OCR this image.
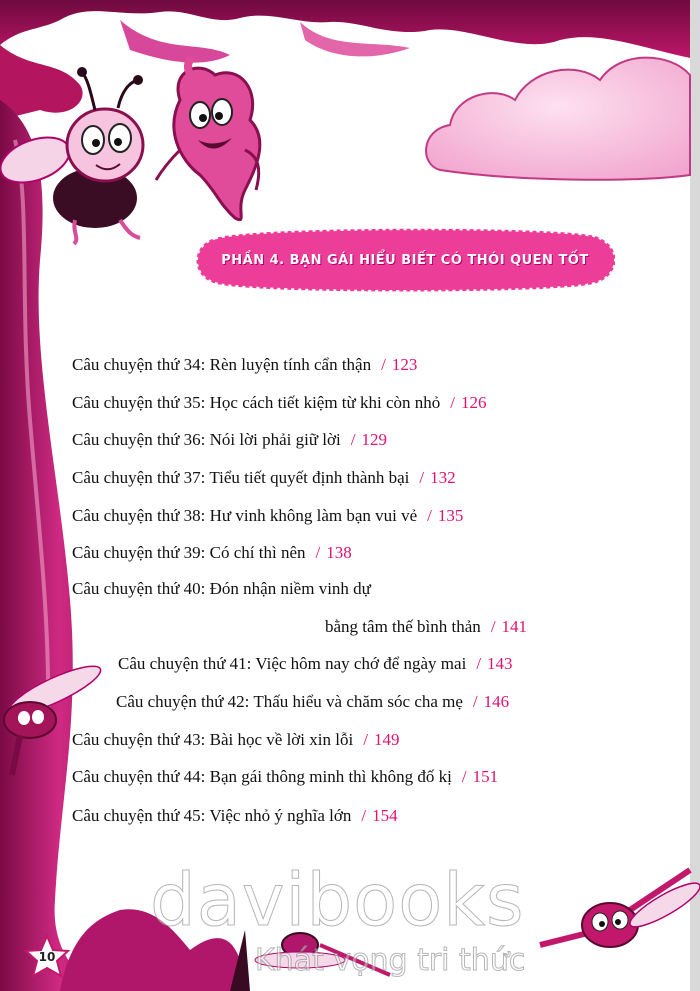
PHẦN 4. BẠN GÁI HIỂU BIẾT CÓ THÓI QUEN TỐT
Câu chuyện thứ 34: Rèn luyện tính cẩn thận / 123
Câu chuyện thứ 35: Học cách tiết kiệm từ khi còn nhỏ / 126
Câu chuyện thứ 36: Nói lời phải giữ lời / 129
Câu chuyện thứ 37: Tiểu tiết quyết định thành bại / 132
Câu chuyện thứ 38: Hư vinh không làm bạn vui vẻ / 135
Câu chuyện thứ 39: Có chí thì nên / 138
Câu chuyện thứ 40: Đón nhận niềm vinh dự
bằng tâm thế bình thản / 141
Câu chuyện thứ 41: Việc hôm nay chớ để ngày mai / 143
Câu chuyện thứ 42: Thấu hiểu và chăm sóc cha mẹ / 146
Câu chuyện thứ 43: Bài học về lời xin lỗi / 149
Câu chuyện thứ 44: Bạn gái thông minh thì không đố kị / 151
Câu chuyện thứ 45: Việc nhỏ ý nghĩa lớn / 154
davibooks
Khát vọng tri thức
10
